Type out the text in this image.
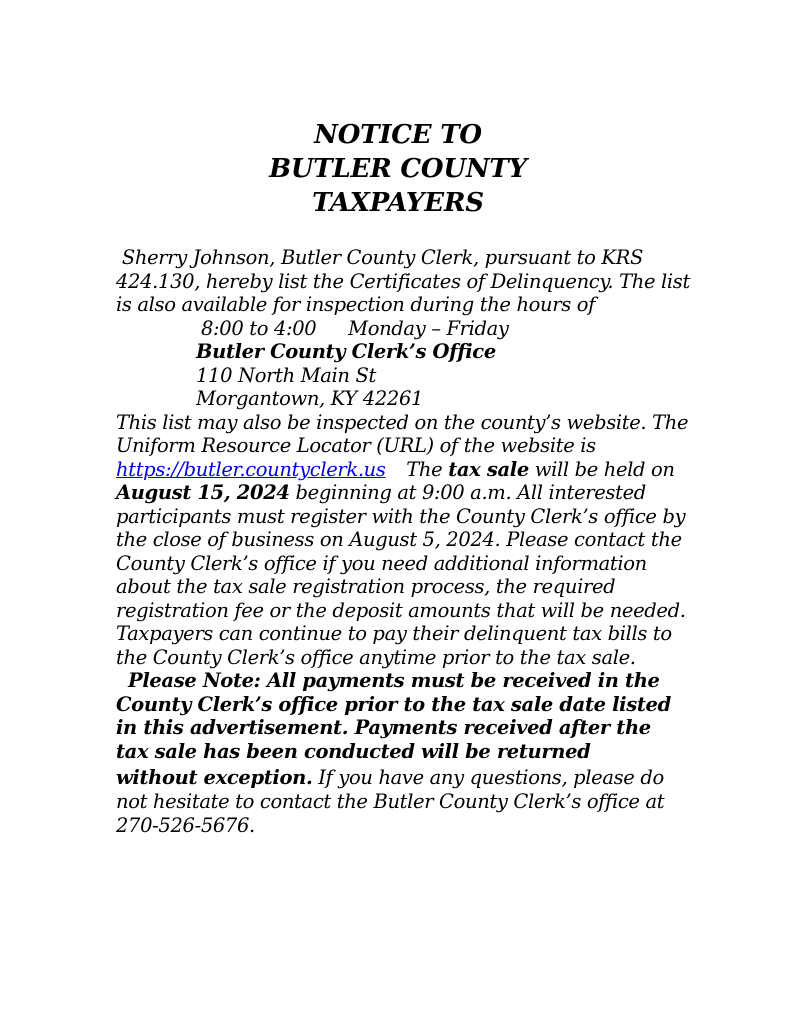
NOTICE TO
BUTLER COUNTY
TAXPAYERS
Sherry Johnson, Butler County Clerk, pursuant to KRS
424.130, hereby list the Certificates of Delinquency. The list
is also available for inspection during the hours of
8:00 to 4:00 Monday – Friday
Butler County Clerk’s Office
110 North Main St
Morgantown, KY 42261
This list may also be inspected on the county’s website. The
Uniform Resource Locator (URL) of the website is
https://butler.countyclerk.us The tax sale will be held on
August 15, 2024 beginning at 9:00 a.m. All interested
participants must register with the County Clerk’s office by
the close of business on August 5, 2024. Please contact the
County Clerk’s office if you need additional information
about the tax sale registration process, the required
registration fee or the deposit amounts that will be needed.
Taxpayers can continue to pay their delinquent tax bills to
the County Clerk’s office anytime prior to the tax sale.
Please Note: All payments must be received in the
County Clerk’s office prior to the tax sale date listed
in this advertisement. Payments received after the
tax sale has been conducted will be returned
without exception. If you have any questions, please do
not hesitate to contact the Butler County Clerk’s office at
270-526-5676.
